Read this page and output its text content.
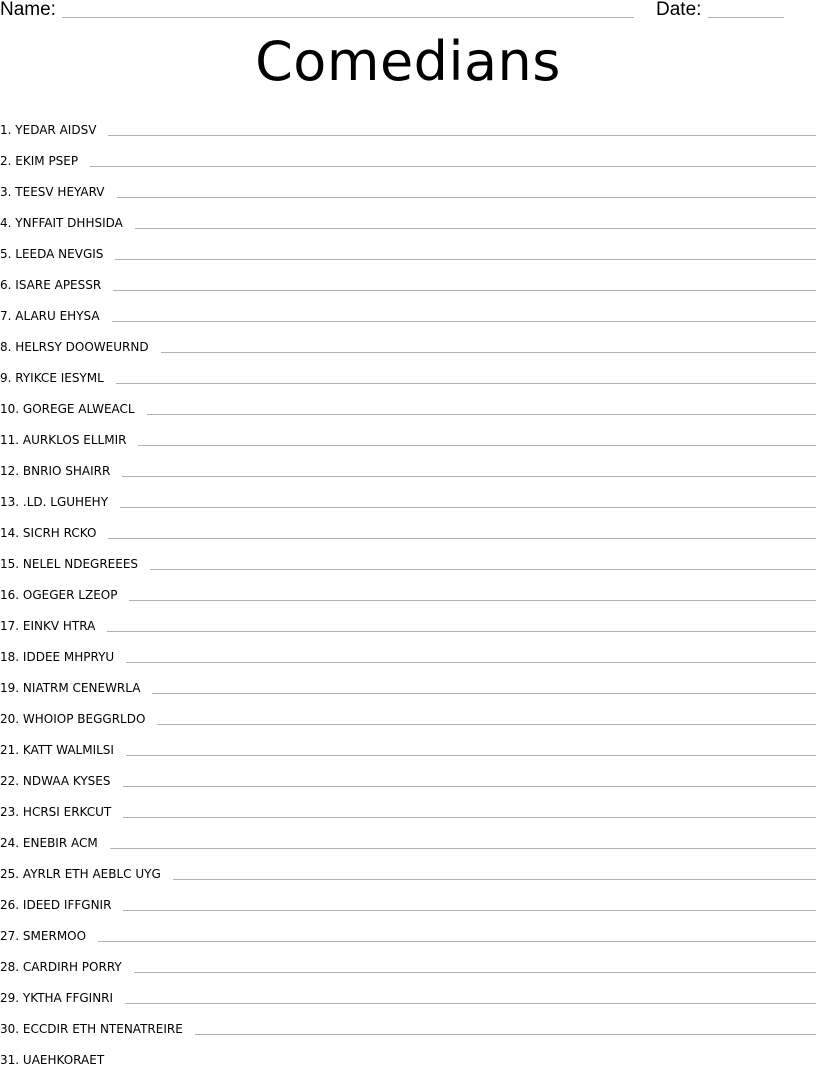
Name:	Date:
Comedians
1. YEDAR AIDSV
2. EKIM PSEP
3. TEESV HEYARV
4. YNFFAIT DHHSIDA
5. LEEDA NEVGIS
6. ISARE APESSR
7. ALARU EHYSA
8. HELRSY DOOWEURND
9. RYIKCE IESYML
10. GOREGE ALWEACL
11. AURKLOS ELLMIR
12. BNRIO SHAIRR
13. .LD. LGUHEHY
14. SICRH RCKO
15. NELEL NDEGREEES
16. OGEGER LZEOP
17. EINKV HTRA
18. IDDEE MHPRYU
19. NIATRM CENEWRLA
20. WHOIOP BEGGRLDO
21. KATT WALMILSI
22. NDWAA KYSES
23. HCRSI ERKCUT
24. ENEBIR ACM
25. AYRLR ETH AEBLC UYG
26. IDEED IFFGNIR
27. SMERMOO
28. CARDIRH PORRY
29. YKTHA FFGINRI
30. ECCDIR ETH NTENATREIRE
31. UAEHKORAET
